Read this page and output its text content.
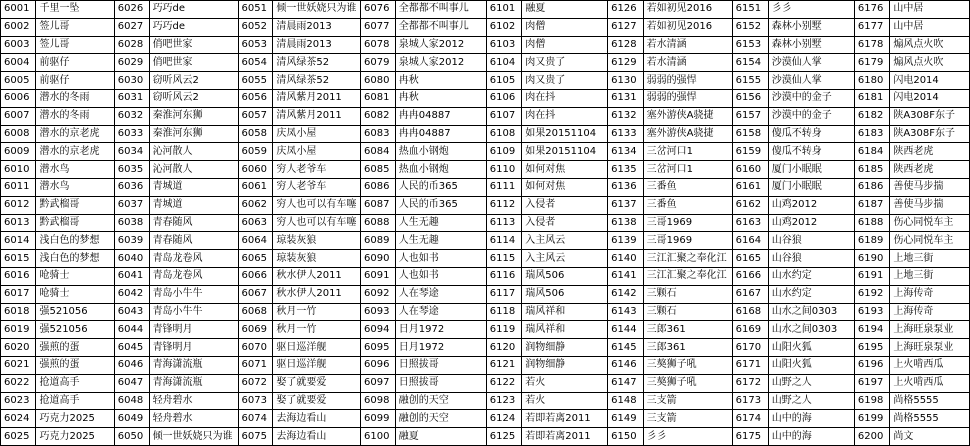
6001	千里一坠	6026	巧巧de	6051	倾一世妖娆只为谁	6076	全都都不叫事儿	6101	融夏	6126	若如初见2016	6151	彡彡	6176	山中居
6002	签儿哥	6027	巧巧de	6052	清晨雨2013	6077	全都都不叫事儿	6102	肉僧	6127	若如初见2016	6152	森林小别墅	6177	山中居
6003	签儿哥	6028	俏吧世家	6053	清晨雨2013	6078	泉城人家2012	6103	肉僧	6128	若水清涵	6153	森林小别墅	6178	煽风点火吹
6004	前驱仔	6029	俏吧世家	6054	清风绿茶52	6079	泉城人家2012	6104	肉又贵了	6129	若水清涵	6154	沙漠仙人掌	6179	煽风点火吹
6005	前驱仔	6030	窃听风云2	6055	清风绿茶52	6080	冉秋	6105	肉又贵了	6130	弱弱的强悍	6155	沙漠仙人掌	6180	闪电2014
6006	潜水的冬雨	6031	窃听风云2	6056	清风紫月2011	6081	冉秋	6106	肉在抖	6131	弱弱的强悍	6156	沙漠中的金子	6181	闪电2014
6007	潜水的冬雨	6032	秦淮河东狮	6057	清风紫月2011	6082	冉冉04887	6107	肉在抖	6132	塞外游侠A骁捷	6157	沙漠中的金子	6182	陕A308F东子
6008	潜水的京老虎	6033	秦淮河东狮	6058	庆凤小屋	6083	冉冉04887	6108	如果20151104	6133	塞外游侠A骁捷	6158	傻瓜不转身	6183	陕A308F东子
6009	潜水的京老虎	6034	沁河散人	6059	庆凤小屋	6084	热血小钢炮	6109	如果20151104	6134	三岔河口1	6159	傻瓜不转身	6184	陕西老虎
6010	潜水鸟	6035	沁河散人	6060	穷人老爷车	6085	热血小钢炮	6110	如何对焦	6135	三岔河口1	6160	厦门小眠眠	6185	陕西老虎
6011	潜水鸟	6036	青城道	6061	穷人老爷车	6086	人民的币365	6111	如何对焦	6136	三番鱼	6161	厦门小眠眠	6186	善使马步揣
6012	黔武榴哥	6037	青城道	6062	穷人也可以有车噻	6087	人民的币365	6112	入侵者	6137	三番鱼	6162	山鸡2012	6187	善使马步揣
6013	黔武榴哥	6038	青春随风	6063	穷人也可以有车噻	6088	人生无趣	6113	入侵者	6138	三哥1969	6163	山鸡2012	6188	伤心同悦车主
6014	浅白色的梦想	6039	青春随风	6064	琼装灰狼	6089	人生无趣	6114	入主风云	6139	三哥1969	6164	山谷狼	6189	伤心同悦车主
6015	浅白色的梦想	6040	青岛龙卷风	6065	琼装灰狼	6090	人也如书	6115	入主风云	6140	三江汇聚之奉化江	6165	山谷狼	6190	上地三街
6016	呛骑士	6041	青岛龙卷风	6066	秋水伊人2011	6091	人也如书	6116	瑞风506	6141	三江汇聚之奉化江	6166	山水约定	6191	上地三街
6017	呛骑士	6042	青岛小牛牛	6067	秋水伊人2011	6092	人在琴途	6117	瑞风506	6142	三颗石	6167	山水约定	6192	上海传奇
6018	强521056	6043	青岛小牛牛	6068	秋月一竹	6093	人在琴途	6118	瑞风祥和	6143	三颗石	6168	山水之间0303	6193	上海传奇
6019	强521056	6044	青锋明月	6069	秋月一竹	6094	日月1972	6119	瑞风祥和	6144	三郎361	6169	山水之间0303	6194	上海旺泉泵业
6020	强煎的蛋	6045	青锋明月	6070	驱日巡洋舰	6095	日月1972	6120	润物细静	6145	三郎361	6170	山阳火狐	6195	上海旺泉泵业
6021	强煎的蛋	6046	青海潇流瓶	6071	驱日巡洋舰	6096	日照拔哥	6121	润物细静	6146	三獒狮子吼	6171	山阳火狐	6196	上火啃西瓜
6022	抢道高手	6047	青海潇流瓶	6072	娶了就要爱	6097	日照拔哥	6122	若火	6147	三獒狮子吼	6172	山野之人	6197	上火啃西瓜
6023	抢道高手	6048	轻舟碧水	6073	娶了就要爱	6098	融创的天空	6123	若火	6148	三支箭	6173	山野之人	6198	尚格5555
6024	巧克力2025	6049	轻舟碧水	6074	去海边看山	6099	融创的天空	6124	若即若离2011	6149	三支箭	6174	山中的海	6199	尚格5555
6025	巧克力2025	6050	倾一世妖娆只为谁	6075	去海边看山	6100	融夏	6125	若即若离2011	6150	彡彡	6175	山中的海	6200	尚文
